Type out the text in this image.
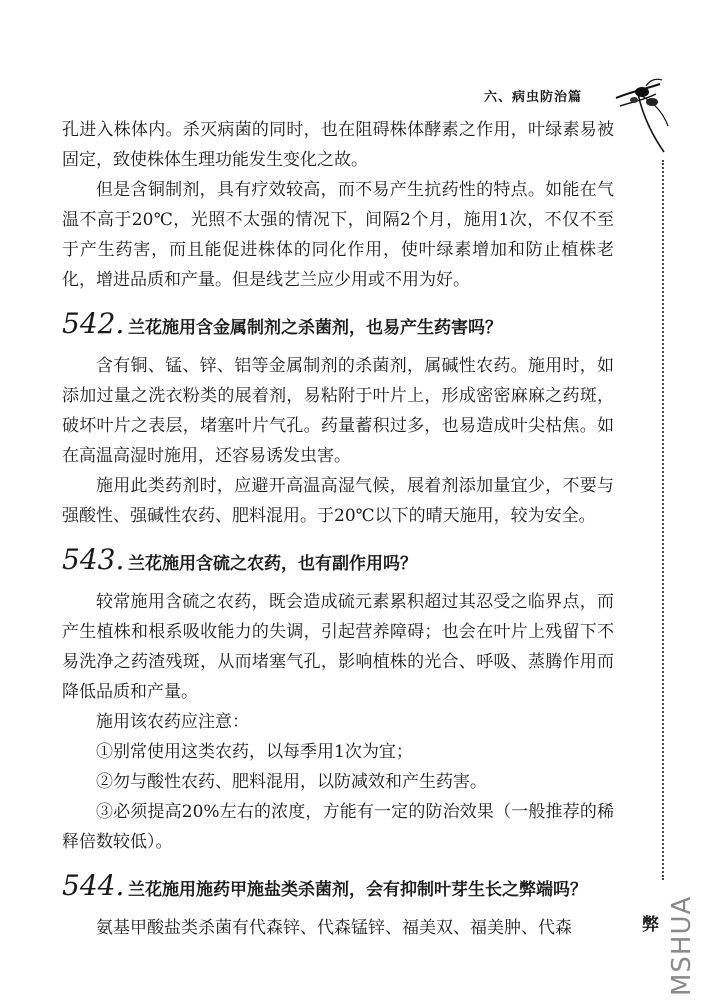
六、病虫防治篇

孔进入株体内。杀灭病菌的同时，也在阻碍株体酵素之作用，叶绿素易被固定，致使株体生理功能发生变化之故。

但是含铜制剂，具有疗效较高，而不易产生抗药性的特点。如能在气温不高于20℃，光照不太强的情况下，间隔2个月，施用1次，不仅不至于产生药害，而且能促进株体的同化作用，使叶绿素增加和防止植株老化，增进品质和产量。但是线艺兰应少用或不用为好。

542. 兰花施用含金属制剂之杀菌剂，也易产生药害吗？

含有铜、锰、锌、铝等金属制剂的杀菌剂，属碱性农药。施用时，如添加过量之洗衣粉类的展着剂，易粘附于叶片上，形成密密麻麻之药斑，破坏叶片之表层，堵塞叶片气孔。药量蓄积过多，也易造成叶尖枯焦。如在高温高湿时施用，还容易诱发虫害。

施用此类药剂时，应避开高温高湿气候，展着剂添加量宜少，不要与强酸性、强碱性农药、肥料混用。于20℃以下的晴天施用，较为安全。

543. 兰花施用含硫之农药，也有副作用吗？

较常施用含硫之农药，既会造成硫元素累积超过其忍受之临界点，而产生植株和根系吸收能力的失调，引起营养障碍；也会在叶片上残留下不易洗净之药渣残斑，从而堵塞气孔，影响植株的光合、呼吸、蒸腾作用而降低品质和产量。

施用该农药应注意：

①别常使用这类农药，以每季用1次为宜；

②勿与酸性农药、肥料混用，以防减效和产生药害。

③必须提高20%左右的浓度，方能有一定的防治效果（一般推荐的稀释倍数较低）。

544. 兰花施用施药甲施盐类杀菌剂，会有抑制叶芽生长之弊端吗？

氨基甲酸盐类杀菌有代森锌、代森锰锌、福美双、福美肿、代森	弊 MSHUA
